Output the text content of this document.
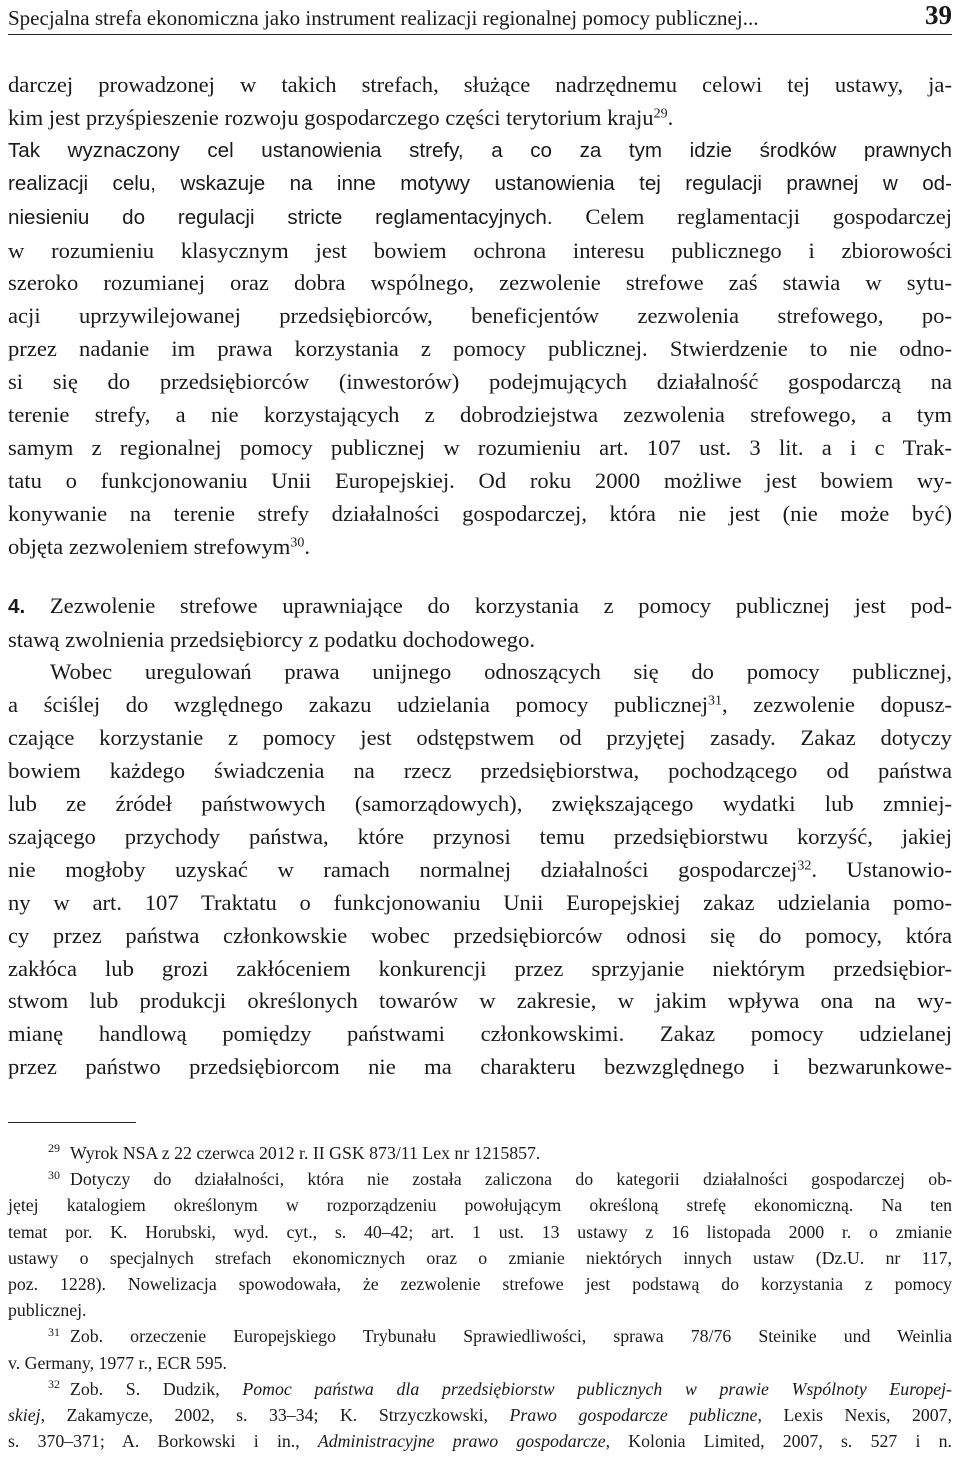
Specjalna strefa ekonomiczna jako instrument realizacji regionalnej pomocy publicznej...	39

darczej prowadzonej w takich strefach, służące nadrzędnemu celowi tej ustawy, ja-
kim jest przyśpieszenie rozwoju gospodarczego części terytorium kraju$^{29}$.
Tak wyznaczony cel ustanowienia strefy, a co za tym idzie środków prawnych
realizacji celu, wskazuje na inne motywy ustanowienia tej regulacji prawnej w od-
niesieniu do regulacji stricte reglamentacyjnych. Celem reglamentacji gospodarczej
w rozumieniu klasycznym jest bowiem ochrona interesu publicznego i zbiorowości
szeroko rozumianej oraz dobra wspólnego, zezwolenie strefowe zaś stawia w sytu-
acji uprzywilejowanej przedsiębiorców, beneficjentów zezwolenia strefowego, po-
przez nadanie im prawa korzystania z pomocy publicznej. Stwierdzenie to nie odno-
si się do przedsiębiorców (inwestorów) podejmujących działalność gospodarczą na
terenie strefy, a nie korzystających z dobrodziejstwa zezwolenia strefowego, a tym
samym z regionalnej pomocy publicznej w rozumieniu art. 107 ust. 3 lit. a i c Trak-
tatu o funkcjonowaniu Unii Europejskiej. Od roku 2000 możliwe jest bowiem wy-
konywanie na terenie strefy działalności gospodarczej, która nie jest (nie może być)
objęta zezwoleniem strefowym$^{30}$.

4. Zezwolenie strefowe uprawniające do korzystania z pomocy publicznej jest pod-
stawą zwolnienia przedsiębiorcy z podatku dochodowego.

Wobec uregulowań prawa unijnego odnoszących się do pomocy publicznej,
a ściślej do względnego zakazu udzielania pomocy publicznej$^{31}$, zezwolenie dopusz-
czające korzystanie z pomocy jest odstępstwem od przyjętej zasady. Zakaz dotyczy
bowiem każdego świadczenia na rzecz przedsiębiorstwa, pochodzącego od państwa
lub ze źródeł państwowych (samorządowych), zwiększającego wydatki lub zmniej-
szającego przychody państwa, które przynosi temu przedsiębiorstwu korzyść, jakiej
nie mogłoby uzyskać w ramach normalnej działalności gospodarczej$^{32}$. Ustanowio-
ny w art. 107 Traktatu o funkcjonowaniu Unii Europejskiej zakaz udzielania pomo-
cy przez państwa członkowskie wobec przedsiębiorców odnosi się do pomocy, która
zakłóca lub grozi zakłóceniem konkurencji przez sprzyjanie niektórym przedsiębior-
stwom lub produkcji określonych towarów w zakresie, w jakim wpływa ona na wy-
mianę handlową pomiędzy państwami członkowskimi. Zakaz pomocy udzielanej
przez państwo przedsiębiorcom nie ma charakteru bezwzględnego i bezwarunkowe-

$^{29}$ Wyrok NSA z 22 czerwca 2012 r. II GSK 873/11 Lex nr 1215857.

$^{30}$ Dotyczy do działalności, która nie została zaliczona do kategorii działalności gospodarczej ob-
jętej katalogiem określonym w rozporządzeniu powołującym określoną strefę ekonomiczną. Na ten
temat por. K. Horubski, wyd. cyt., s. 40–42; art. 1 ust. 13 ustawy z 16 listopada 2000 r. o zmianie
ustawy o specjalnych strefach ekonomicznych oraz o zmianie niektórych innych ustaw (Dz.U. nr 117,
poz. 1228). Nowelizacja spowodowała, że zezwolenie strefowe jest podstawą do korzystania z pomocy
publicznej.

$^{31}$ Zob. orzeczenie Europejskiego Trybunału Sprawiedliwości, sprawa 78/76 Steinike und Weinlia
v. Germany, 1977 r., ECR 595.

$^{32}$ Zob. S. Dudzik, Pomoc państwa dla przedsiębiorstw publicznych w prawie Wspólnoty Europej-
skiej, Zakamycze, 2002, s. 33–34; K. Strzyczkowski, Prawo gospodarcze publiczne, Lexis Nexis, 2007,
s. 370–371; A. Borkowski i in., Administracyjne prawo gospodarcze, Kolonia Limited, 2007, s. 527 i n.
